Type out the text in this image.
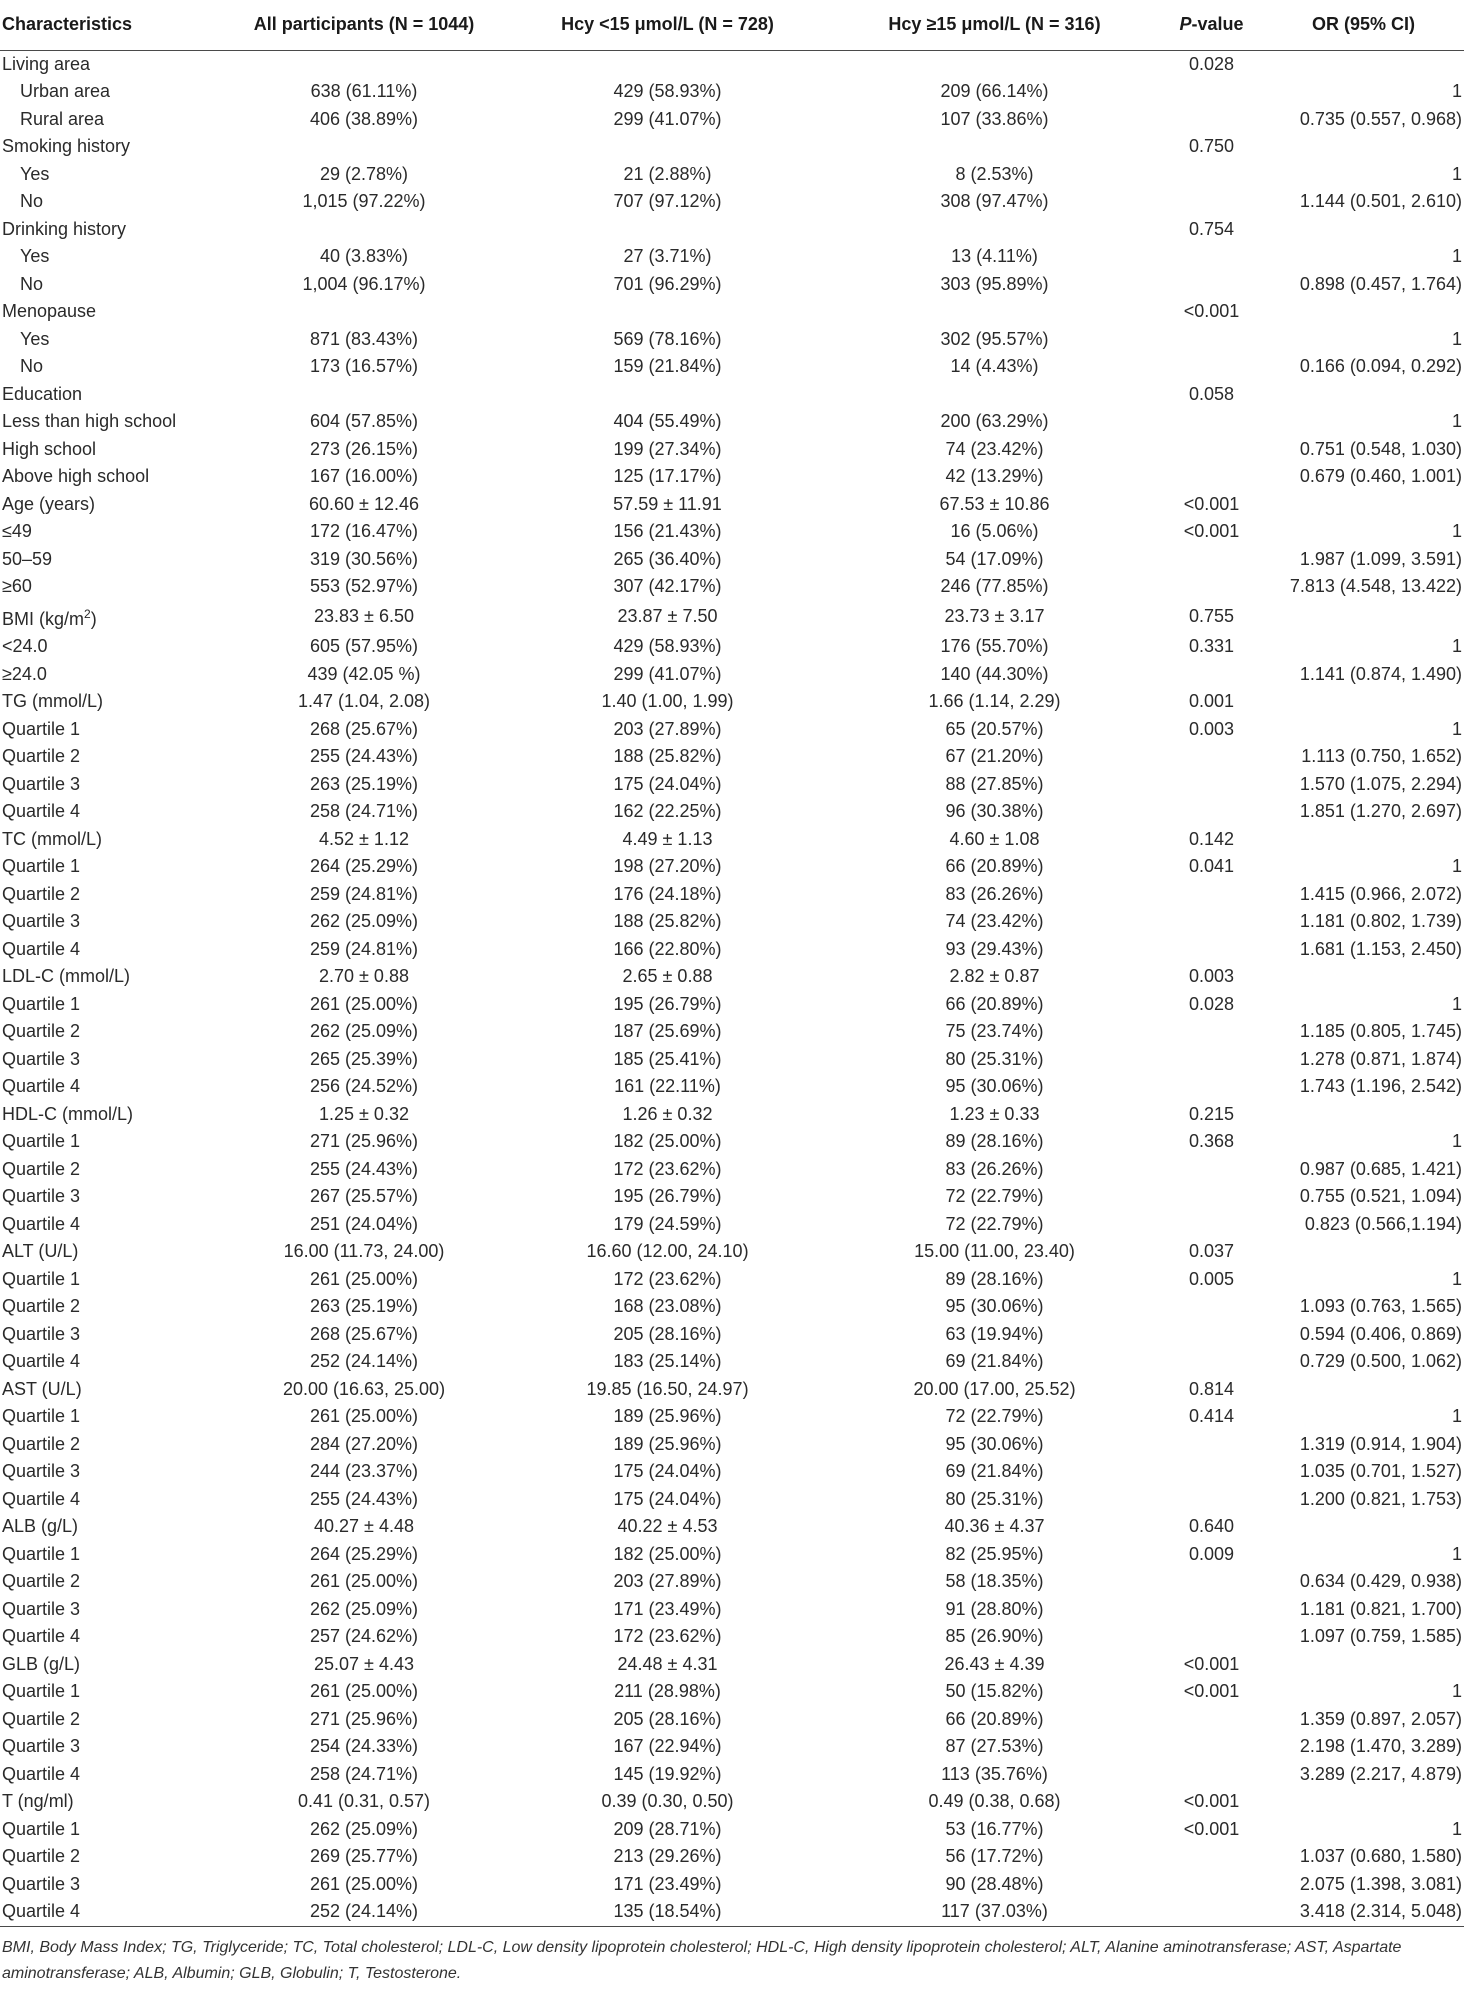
Characteristics	All participants (N = 1044)	Hcy <15 μmol/L (N = 728)	Hcy ≥15 μmol/L (N = 316)	P-value	OR (95% CI)
Living area				0.028	
Urban area	638 (61.11%)	429 (58.93%)	209 (66.14%)		1
Rural area	406 (38.89%)	299 (41.07%)	107 (33.86%)		0.735 (0.557, 0.968)
Smoking history				0.750	
Yes	29 (2.78%)	21 (2.88%)	8 (2.53%)		1
No	1,015 (97.22%)	707 (97.12%)	308 (97.47%)		1.144 (0.501, 2.610)
Drinking history				0.754	
Yes	40 (3.83%)	27 (3.71%)	13 (4.11%)		1
No	1,004 (96.17%)	701 (96.29%)	303 (95.89%)		0.898 (0.457, 1.764)
Menopause				<0.001	
Yes	871 (83.43%)	569 (78.16%)	302 (95.57%)		1
No	173 (16.57%)	159 (21.84%)	14 (4.43%)		0.166 (0.094, 0.292)
Education				0.058	
Less than high school	604 (57.85%)	404 (55.49%)	200 (63.29%)		1
High school	273 (26.15%)	199 (27.34%)	74 (23.42%)		0.751 (0.548, 1.030)
Above high school	167 (16.00%)	125 (17.17%)	42 (13.29%)		0.679 (0.460, 1.001)
Age (years)	60.60 ± 12.46	57.59 ± 11.91	67.53 ± 10.86	<0.001	
≤49	172 (16.47%)	156 (21.43%)	16 (5.06%)	<0.001	1
50–59	319 (30.56%)	265 (36.40%)	54 (17.09%)		1.987 (1.099, 3.591)
≥60	553 (52.97%)	307 (42.17%)	246 (77.85%)		7.813 (4.548, 13.422)
BMI $(kg/m^2)$	23.83 ± 6.50	23.87 ± 7.50	23.73 ± 3.17	0.755	
<24.0	605 (57.95%)	429 (58.93%)	176 (55.70%)	0.331	1
≥24.0	439 (42.05 %)	299 (41.07%)	140 (44.30%)		1.141 (0.874, 1.490)
TG (mmol/L)	1.47 (1.04, 2.08)	1.40 (1.00, 1.99)	1.66 (1.14, 2.29)	0.001	
Quartile 1	268 (25.67%)	203 (27.89%)	65 (20.57%)	0.003	1
Quartile 2	255 (24.43%)	188 (25.82%)	67 (21.20%)		1.113 (0.750, 1.652)
Quartile 3	263 (25.19%)	175 (24.04%)	88 (27.85%)		1.570 (1.075, 2.294)
Quartile 4	258 (24.71%)	162 (22.25%)	96 (30.38%)		1.851 (1.270, 2.697)
TC (mmol/L)	4.52 ± 1.12	4.49 ± 1.13	4.60 ± 1.08	0.142	
Quartile 1	264 (25.29%)	198 (27.20%)	66 (20.89%)	0.041	1
Quartile 2	259 (24.81%)	176 (24.18%)	83 (26.26%)		1.415 (0.966, 2.072)
Quartile 3	262 (25.09%)	188 (25.82%)	74 (23.42%)		1.181 (0.802, 1.739)
Quartile 4	259 (24.81%)	166 (22.80%)	93 (29.43%)		1.681 (1.153, 2.450)
LDL-C (mmol/L)	2.70 ± 0.88	2.65 ± 0.88	2.82 ± 0.87	0.003	
Quartile 1	261 (25.00%)	195 (26.79%)	66 (20.89%)	0.028	1
Quartile 2	262 (25.09%)	187 (25.69%)	75 (23.74%)		1.185 (0.805, 1.745)
Quartile 3	265 (25.39%)	185 (25.41%)	80 (25.31%)		1.278 (0.871, 1.874)
Quartile 4	256 (24.52%)	161 (22.11%)	95 (30.06%)		1.743 (1.196, 2.542)
HDL-C (mmol/L)	1.25 ± 0.32	1.26 ± 0.32	1.23 ± 0.33	0.215	
Quartile 1	271 (25.96%)	182 (25.00%)	89 (28.16%)	0.368	1
Quartile 2	255 (24.43%)	172 (23.62%)	83 (26.26%)		0.987 (0.685, 1.421)
Quartile 3	267 (25.57%)	195 (26.79%)	72 (22.79%)		0.755 (0.521, 1.094)
Quartile 4	251 (24.04%)	179 (24.59%)	72 (22.79%)		0.823 (0.566,1.194)
ALT (U/L)	16.00 (11.73, 24.00)	16.60 (12.00, 24.10)	15.00 (11.00, 23.40)	0.037	
Quartile 1	261 (25.00%)	172 (23.62%)	89 (28.16%)	0.005	1
Quartile 2	263 (25.19%)	168 (23.08%)	95 (30.06%)		1.093 (0.763, 1.565)
Quartile 3	268 (25.67%)	205 (28.16%)	63 (19.94%)		0.594 (0.406, 0.869)
Quartile 4	252 (24.14%)	183 (25.14%)	69 (21.84%)		0.729 (0.500, 1.062)
AST (U/L)	20.00 (16.63, 25.00)	19.85 (16.50, 24.97)	20.00 (17.00, 25.52)	0.814	
Quartile 1	261 (25.00%)	189 (25.96%)	72 (22.79%)	0.414	1
Quartile 2	284 (27.20%)	189 (25.96%)	95 (30.06%)		1.319 (0.914, 1.904)
Quartile 3	244 (23.37%)	175 (24.04%)	69 (21.84%)		1.035 (0.701, 1.527)
Quartile 4	255 (24.43%)	175 (24.04%)	80 (25.31%)		1.200 (0.821, 1.753)
ALB (g/L)	40.27 ± 4.48	40.22 ± 4.53	40.36 ± 4.37	0.640	
Quartile 1	264 (25.29%)	182 (25.00%)	82 (25.95%)	0.009	1
Quartile 2	261 (25.00%)	203 (27.89%)	58 (18.35%)		0.634 (0.429, 0.938)
Quartile 3	262 (25.09%)	171 (23.49%)	91 (28.80%)		1.181 (0.821, 1.700)
Quartile 4	257 (24.62%)	172 (23.62%)	85 (26.90%)		1.097 (0.759, 1.585)
GLB (g/L)	25.07 ± 4.43	24.48 ± 4.31	26.43 ± 4.39	<0.001	
Quartile 1	261 (25.00%)	211 (28.98%)	50 (15.82%)	<0.001	1
Quartile 2	271 (25.96%)	205 (28.16%)	66 (20.89%)		1.359 (0.897, 2.057)
Quartile 3	254 (24.33%)	167 (22.94%)	87 (27.53%)		2.198 (1.470, 3.289)
Quartile 4	258 (24.71%)	145 (19.92%)	113 (35.76%)		3.289 (2.217, 4.879)
T (ng/ml)	0.41 (0.31, 0.57)	0.39 (0.30, 0.50)	0.49 (0.38, 0.68)	<0.001	
Quartile 1	262 (25.09%)	209 (28.71%)	53 (16.77%)	<0.001	1
Quartile 2	269 (25.77%)	213 (29.26%)	56 (17.72%)		1.037 (0.680, 1.580)
Quartile 3	261 (25.00%)	171 (23.49%)	90 (28.48%)		2.075 (1.398, 3.081)
Quartile 4	252 (24.14%)	135 (18.54%)	117 (37.03%)		3.418 (2.314, 5.048)
BMI, Body Mass Index; TG, Triglyceride; TC, Total cholesterol; LDL-C, Low density lipoprotein cholesterol; HDL-C, High density lipoprotein cholesterol; ALT, Alanine aminotransferase; AST, Aspartate aminotransferase; ALB, Albumin; GLB, Globulin; T, Testosterone.
